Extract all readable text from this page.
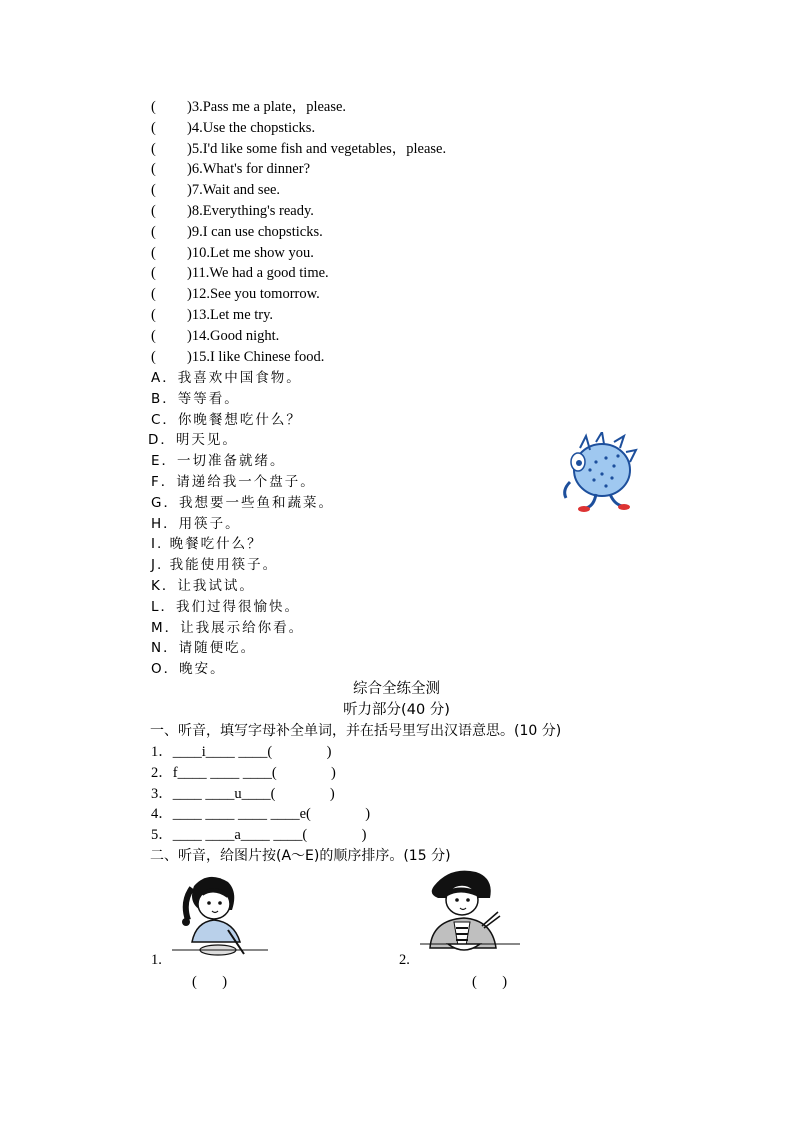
( )3.Pass me a plate，please.
( )4.Use the chopsticks.
( )5.I'd like some fish and vegetables，please.
( )6.What's for dinner?
( )7.Wait and see.
( )8.Everything's ready.
( )9.I can use chopsticks.
( )10.Let me show you.
( )11.We had a good time.
( )12.See you tomorrow.
( )13.Let me try.
( )14.Good night.
( )15.I like Chinese food.
A．我喜欢中国食物。
B．等等看。
C．你晚餐想吃什么？
D．明天见。
E．一切准备就绪。
F．请递给我一个盘子。
G．我想要一些鱼和蔬菜。
H．用筷子。
I. 晚餐吃什么？
J. 我能使用筷子。
K．让我试试。
L．我们过得很愉快。
M．让我展示给你看。
N．请随便吃。
O．晚安。
综合全练全测
听力部分(40 分)
一、听音，填写字母补全单词，并在括号里写出汉语意思。(10 分)
1．____i____ ____(               )
2．f____ ____ ____(               )
3．____ ____u____(               )
4．____ ____ ____ ____e(               )
5．____ ____a____ ____(               )
二、听音，给图片按(A～E)的顺序排序。(15 分)
1.
(       )
2.
(       )
